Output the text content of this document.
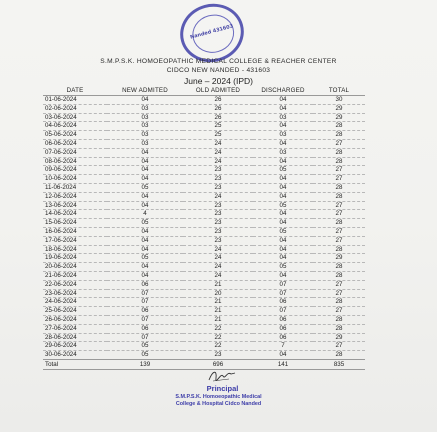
Nanded 431603
S.M.P.S.K. HOMOEOPATHIC MEDICAL COLLEGE & REACHER CENTER
CIDCO NEW NANDED - 431603
June – 2024 (IPD)
DATE	NEW ADMITED	OLD ADMITED	DISCHARGED	TOTAL
01-06-2024	04	26	04	30
02-06-2024	03	26	04	29
03-06-2024	03	26	03	29
04-06-2024	03	25	04	28
05-06-2024	03	25	03	28
06-06-2024	03	24	04	27
07-06-2024	04	24	03	28
08-06-2024	04	24	04	28
09-06-2024	04	23	05	27
10-06-2024	04	23	04	27
11-06-2024	05	23	04	28
12-06-2024	04	24	04	28
13-06-2024	04	23	05	27
14-06-2024	4	23	04	27
15-06-2024	05	23	04	28
16-06-2024	04	23	05	27
17-06-2024	04	23	04	27
18-06-2024	04	24	04	28
19-06-2024	05	24	04	29
20-06-2024	04	24	05	28
21-06-2024	04	24	04	28
22-06-2024	06	21	07	27
23-06-2024	07	20	07	27
24-06-2024	07	21	06	28
25-06-2024	06	21	07	27
26-06-2024	07	21	06	28
27-06-2024	06	22	06	28
28-06-2024	07	22	06	29
29-06-2024	05	22	7	27
30-06-2024	05	23	04	28
Total	139	696	141	835
Principal
S.M.P.S.K. Homoeopathic Medical
College & Hospital Cidco Nanded
